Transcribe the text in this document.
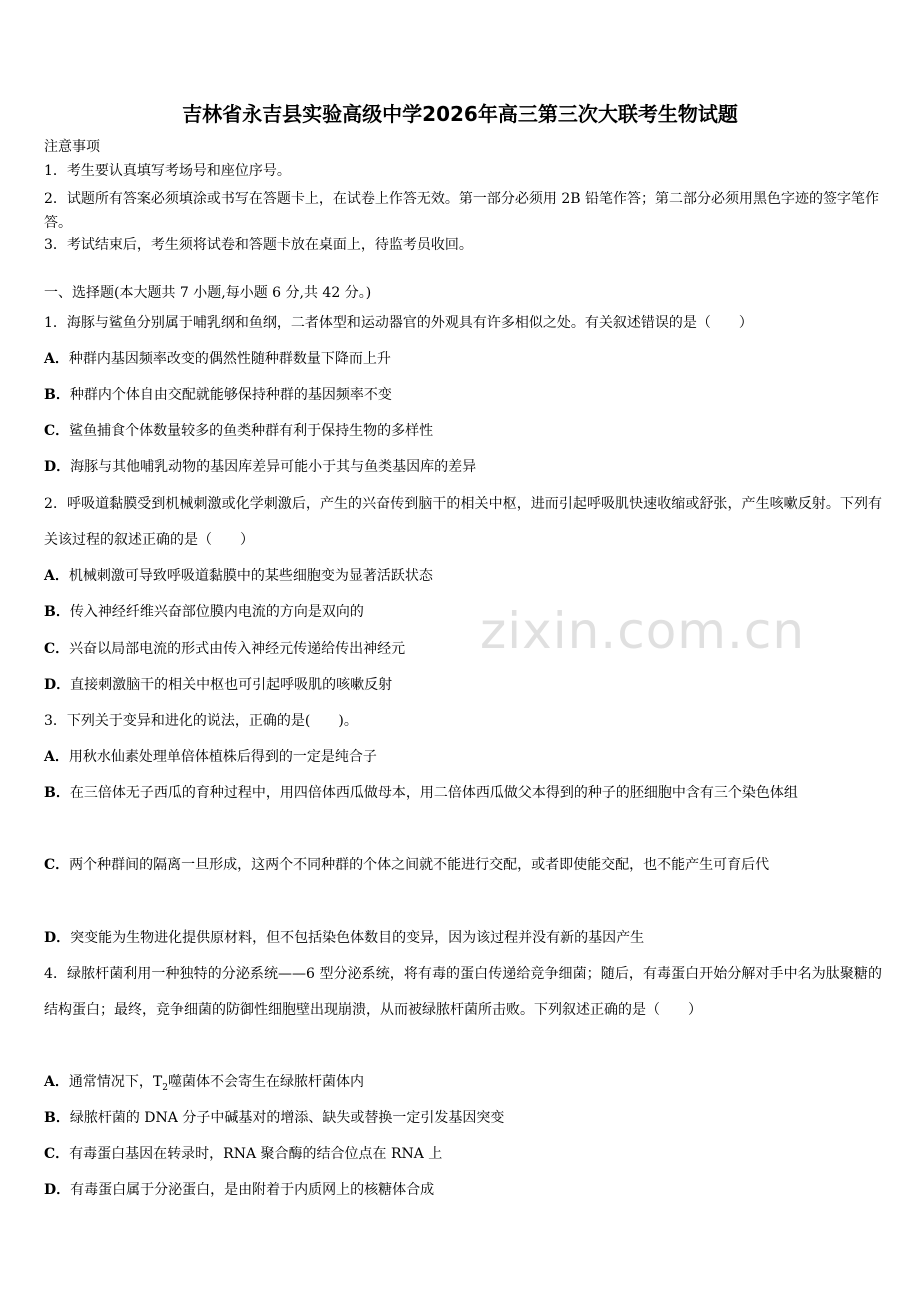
吉林省永吉县实验高级中学2026年高三第三次大联考生物试题
注意事项
1．考生要认真填写考场号和座位序号。
2．试题所有答案必须填涂或书写在答题卡上，在试卷上作答无效。第一部分必须用 2B 铅笔作答；第二部分必须用黑色字迹的签字笔作答。
3．考试结束后，考生须将试卷和答题卡放在桌面上，待监考员收回。
一、选择题(本大题共 7 小题,每小题 6 分,共 42 分。)
1．海豚与鲨鱼分别属于哺乳纲和鱼纲，二者体型和运动器官的外观具有许多相似之处。有关叙述错误的是（　　）
A．种群内基因频率改变的偶然性随种群数量下降而上升
B．种群内个体自由交配就能够保持种群的基因频率不变
C．鲨鱼捕食个体数量较多的鱼类种群有利于保持生物的多样性
D．海豚与其他哺乳动物的基因库差异可能小于其与鱼类基因库的差异
2．呼吸道黏膜受到机械刺激或化学刺激后，产生的兴奋传到脑干的相关中枢，进而引起呼吸肌快速收缩或舒张，产生咳嗽反射。下列有关该过程的叙述正确的是（　　）
A．机械刺激可导致呼吸道黏膜中的某些细胞变为显著活跃状态
B．传入神经纤维兴奋部位膜内电流的方向是双向的
C．兴奋以局部电流的形式由传入神经元传递给传出神经元
D．直接刺激脑干的相关中枢也可引起呼吸肌的咳嗽反射
3．下列关于变异和进化的说法，正确的是(　　)。
A．用秋水仙素处理单倍体植株后得到的一定是纯合子
B．在三倍体无子西瓜的育种过程中，用四倍体西瓜做母本，用二倍体西瓜做父本得到的种子的胚细胞中含有三个染色体组
C．两个种群间的隔离一旦形成，这两个不同种群的个体之间就不能进行交配，或者即使能交配，也不能产生可育后代
D．突变能为生物进化提供原材料，但不包括染色体数目的变异，因为该过程并没有新的基因产生
4．绿脓杆菌利用一种独特的分泌系统——6 型分泌系统，将有毒的蛋白传递给竞争细菌；随后，有毒蛋白开始分解对手中名为肽聚糖的结构蛋白；最终，竞争细菌的防御性细胞壁出现崩溃，从而被绿脓杆菌所击败。下列叙述正确的是（　　）
A．通常情况下，$T_2$噬菌体不会寄生在绿脓杆菌体内
B．绿脓杆菌的 DNA 分子中碱基对的增添、缺失或替换一定引发基因突变
C．有毒蛋白基因在转录时，RNA 聚合酶的结合位点在 RNA 上
D．有毒蛋白属于分泌蛋白，是由附着于内质网上的核糖体合成
zixin.com.cn
